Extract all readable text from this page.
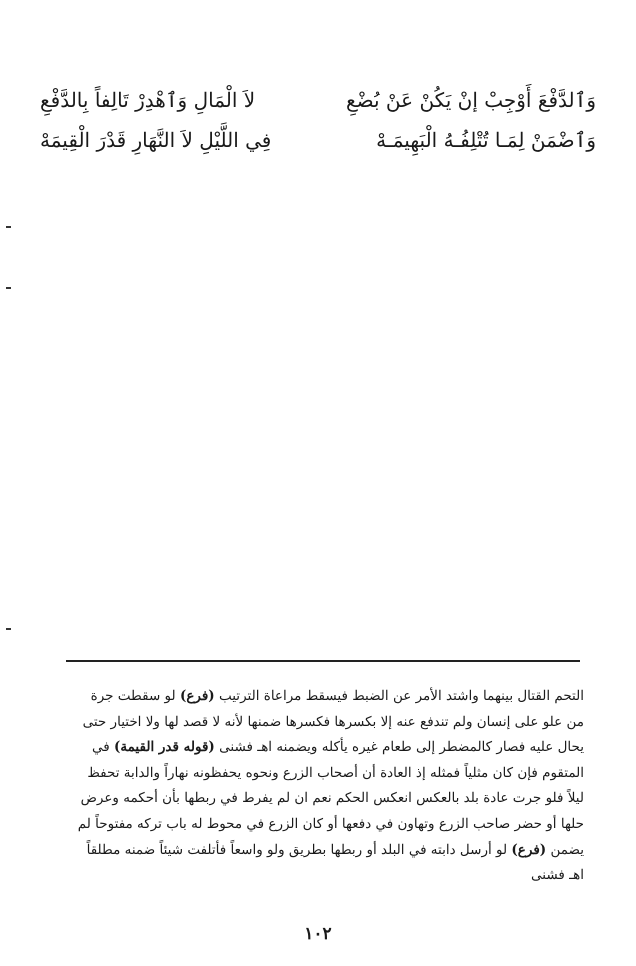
وَٱلدَّفْعَ أَوْجِبْ إنْ يَكُنْ عَنْ بُضْعِ
لاَ الْمَالِ وَٱهْدِرْ تَالِفاً بِالدَّفْعِ
وَٱضْمَنْ لِمَـا تُتْلِفُـهُ الْبَهِيمَـهْ
فِي اللَّيْلِ لاَ النَّهَارِ قَدْرَ الْقِيمَهْ

التحم القتال بينهما واشتد الأمر عن الضبط فيسقط مراعاة الترتيب (فرع) لو سقطت جرة

من علو على إنسان ولم تندفع عنه إلا بكسرها فكسرها ضمنها لأنه لا قصد لها ولا اختيار حتى

يحال عليه فصار كالمضطر إلى طعام غيره يأكله ويضمنه اهـ فشنى (قوله قدر القيمة) في

المتقوم فإن كان مثلياً فمثله إذ العادة أن أصحاب الزرع ونحوه يحفظونه نهاراً والدابة تحفظ

ليلاً فلو جرت عادة بلد بالعكس انعكس الحكم نعم ان لم يفرط في ربطها بأن أحكمه وعرض

حلها أو حضر صاحب الزرع وتهاون في دفعها أو كان الزرع في محوط له باب تركه مفتوحاً لم

يضمن (فرع) لو أرسل دابته في البلد أو ربطها بطريق ولو واسعاً فأتلفت شيئاً ضمنه مطلقاً

اهـ فشنى

١٠٢
